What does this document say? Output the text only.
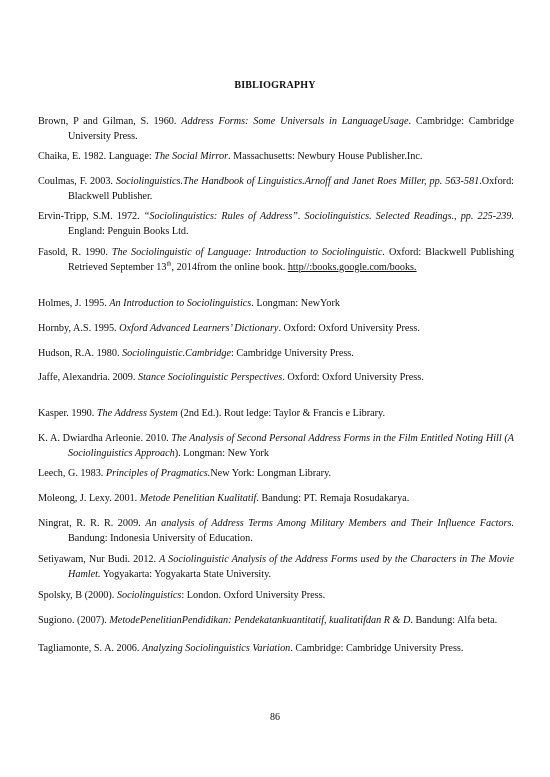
BIBLIOGRAPHY
Brown, P and Gilman, S. 1960. Address Forms: Some Universals in LanguageUsage. Cambridge: Cambridge University Press.
Chaika, E. 1982. Language: The Social Mirror. Massachusetts: Newbury House Publisher.Inc.
Coulmas, F. 2003. Sociolinguistics.The Handbook of Linguistics.Arnoff and Janet Roes Miller, pp. 563-581.Oxford: Blackwell Publisher.
Ervin-Tripp, S.M. 1972. “Sociolinguistics: Rules of Address”. Sociolinguistics. Selected Readings., pp. 225-239. England: Penguin Books Ltd.
Fasold, R. 1990. The Sociolinguistic of Language: Introduction to Sociolinguistic. Oxford: Blackwell Publishing Retrieved September 13th, 2014from the online book. http//:books.google.com/books.
Holmes, J. 1995. An Introduction to Sociolinguistics. Longman: NewYork
Hornby, A.S. 1995. Oxford Advanced Learners’ Dictionary. Oxford: Oxford University Press.
Hudson, R.A. 1980. Sociolinguistic.Cambridge: Cambridge University Press.
Jaffe, Alexandria. 2009. Stance Sociolinguistic Perspectives. Oxford: Oxford University Press.
Kasper. 1990. The Address System (2nd Ed.). Rout ledge: Taylor & Francis e Library.
K. A. Dwiardha Arleonie. 2010. The Analysis of Second Personal Address Forms in the Film Entitled Noting Hill (A Sociolinguistics Approach). Longman: New York
Leech, G. 1983. Principles of Pragmatics.New York: Longman Library.
Moleong, J. Lexy. 2001. Metode Penelitian Kualitatif. Bandung: PT. Remaja Rosudakarya.
Ningrat, R. R. R. 2009. An analysis of Address Terms Among Military Members and Their Influence Factors. Bandung: Indonesia University of Education.
Setiyawam, Nur Budi. 2012. A Sociolinguistic Analysis of the Address Forms used by the Characters in The Movie Hamlet. Yogyakarta: Yogyakarta State University.
Spolsky, B (2000). Sociolinguistics: London. Oxford University Press.
Sugiono. (2007). MetodePenelitianPendidikan: Pendekatankuantitatif, kualitatifdan R & D. Bandung: Alfa beta.
Tagliamonte, S. A. 2006. Analyzing Sociolinguistics Variation. Cambridge: Cambridge University Press.
86
